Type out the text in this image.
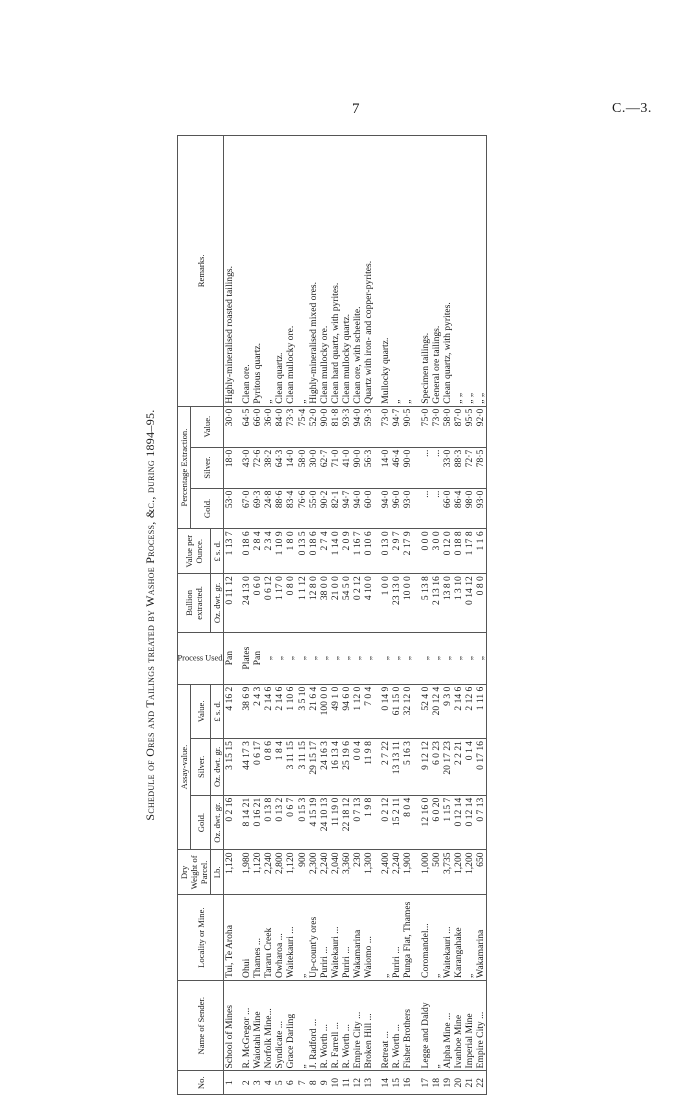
7	C.—3.
Schedule of Ores and Tailings treated by Washoe Process, &c., during 1894–95.
No.	Name of Sender.	Locality or Mine.	Dry Weight of Parcel.	Assay-value.			Process Used.	Bullion extracted.	Value per Ounce.	Percentage Extraction.			Remarks.
				Gold.	Silver.	Value.				Gold.	Silver.	Value.	
			Lb.	Oz. dwt. gr.	Oz. dwt. gr.	£ s. d.		Oz. dwt. gr.	£ s. d.				
1	School of Mines	Tui, Te Aroha	1,120	0 2 16	3 15 15	4 16 2	Pan	0 11 12	1 13 7	53·0	18·0	30·0	Highly-mineralised roasted tailings.

2	R. McGregor ...	Ohui	1,980	8 14 21	44 17 3	38 6 9	Plates	24 13 0	0 18 6	67·0	43·0	64·5	Clean ore.
3	Waiotahi Mine	Thames ...	1,120	0 16 21	0 6 17	2 4 3	Pan	0 6 0	2 8 4	69·3	72·6	66·0	Pyritous quartz.
4	Norfolk Mine...	Tararu Creek	2,240	0 13 8	0 8 6	2 14 6	„	0 6 12	2 3 4	24·8	38·2	36·0	„
5	Syndicate ...	Owharoa ...	2,800	0 13 2	1 8 4	2 14 6	„	1 17 0	1 10 9	88·6	64·3	84·0	Clean quartz.
6	Grace Darling	Waitekauri ...	1,120	0 6 7	3 11 15	1 10 6	„	0 8 0	1 8 0	83·4	14·0	73·3	Clean mullocky ore.
7	„	„	900	0 15 3	3 11 15	3 5 10	„	1 1 12	0 13 5	76·6	58·0	75·4	„
8	J. Radford ...	Up-count'y ores	2,300	4 15 19	29 15 17	21 6 4	„	12 8 0	0 18 6	55·0	30·0	52·0	Highly-mineralised mixed ores.
9	R. Worth ...	Puriri ...	2,240	24 10 13	24 16 3	100 0 0	„	38 0 0	2 7 4	90·2	62·7	90·0	Clean mullocky ore.
10	R. Farrell ...	Waitekauri ...	2,040	11 19 0	16 13 4	49 1 0	„	21 0 0	1 14 0	82·1	71·0	81·8	Clean hard quartz, with pyrites.
11	R. Worth ...	Puriri ...	3,360	22 18 12	25 19 6	94 6 0	„	54 5 0	2 0 9	94·7	41·0	93·3	Clean mullocky quartz.
12	Empire City ...	Wakamarina	230	0 7 13	0 0 4	1 12 0	„	0 2 12	1 16 7	94·0	90·0	94·0	Clean ore, with scheelite.
13	Broken Hill ...	Waiomo ...	1,300	1 9 8	11 9 8	7 0 4	„	4 10 0	0 10 6	60·0	56·3	59·3	Quartz with iron- and copper-pyrites.

14	Retreat ...	„	2,400	0 2 12	2 7 22	0 14 9	„	1 0 0	0 13 0	94·0	14·0	73·0	Mullocky quartz.
15	R. Worth ...	Puriri ...	2,240	15 2 11	13 13 11	61 15 0	„	23 13 0	2 9 7	96·0	46·4	94·7	„
16	Fisher Brothers	Punga Flat, Thames	1,900	8 0 4	5 16 3	32 12 0	„	10 0 0	2 17 9	93·0	90·0	90·5	„

17	Legge and Daldy	Coromandel...	1,000	12 16 0	9 12 12	52 4 0	„	5 13 8	0 0 0	...	...	75·0	Specimen tailings.
18	„	„	500	6 0 20	6 0 23	20 12 4	„	2 13 16	3 0 0	...	...	73·0	General ore tailings.
19	Alpha Mine ...	Waitekauri ...	3,735	1 15 7	20 17 23	9 3 0	„	13 8 0	0 12 0	66·0	33·0	58·0	Clean quartz, with pyrites.
20	Ivanhoe Mine	Karangahake	1,200	0 12 14	2 2 21	2 14 6	„	1 3 10	0 18 8	86·4	88·3	87·0	„ „
21	Imperial Mine	„	1,200	0 12 14	0 1 4	2 12 6	„	0 14 12	1 17 8	98·0	72·7	95·5	„ „
22	Empire City ...	Wakamarina	650	0 7 13	0 17 16	1 11 6	„	0 8 0	1 1 6	93·0	78·5	92·0	„ „
